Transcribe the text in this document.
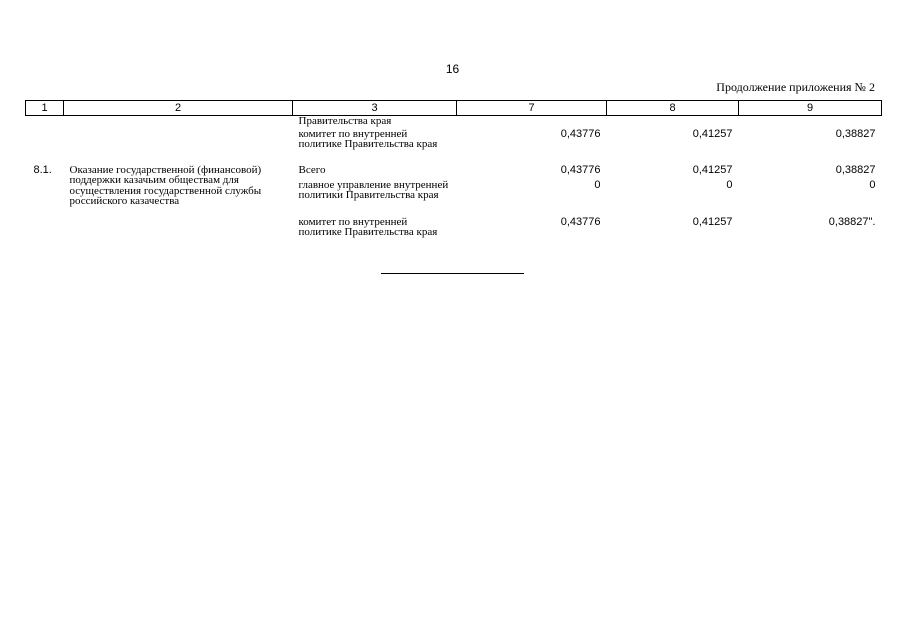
16
Продолжение приложения № 2
1	2	3	7	8	9
		Правительства края			
		комитет по внутренней политике Правительства края	0,43776	0,41257	0,38827
8.1.	Оказание государственной (финансовой) поддержки казачьим обществам для осуществления государственной службы российского казачества	Всего	0,43776	0,41257	0,38827
		главное управление внутренней политики Правительства края	0	0	0
		комитет по внутренней политике Правительства края	0,43776	0,41257	0,38827".
